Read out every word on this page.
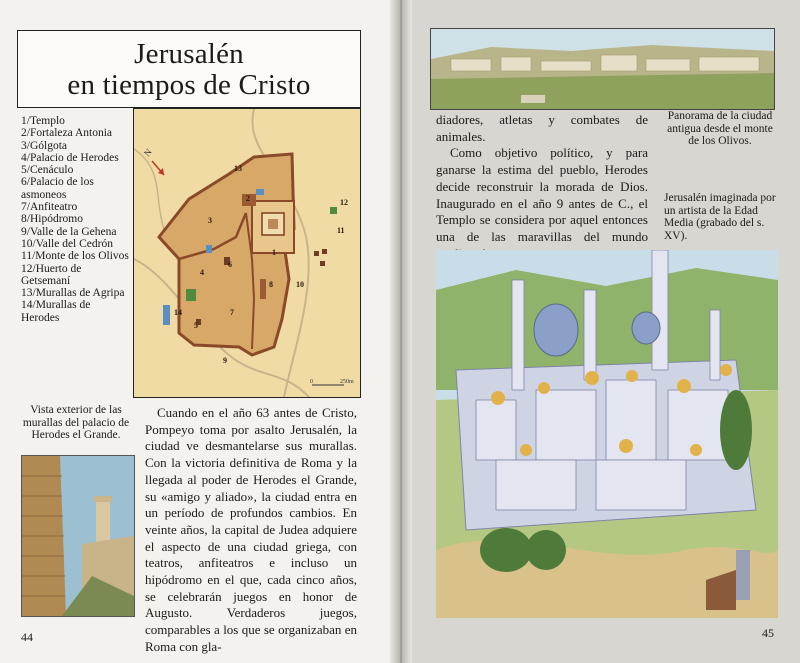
Jerusalén
en tiempos de Cristo
1/Templo
2/Fortaleza Antonia
3/Gólgota
4/Palacio de Herodes
5/Cenáculo
6/Palacio de los asmoneos
7/Anfiteatro
8/Hipódromo
9/Valle de la Gehena
10/Valle del Cedrón
11/Monte de los Olivos
12/Huerto de Getsemaní
13/Murallas de Agripa
14/Murallas de Herodes
N
0	250m
1
2
3
4
5
6
7
8
9
10
11
12
13
14
Vista exterior de las murallas del palacio de Herodes el Grande.
Cuando en el año 63 antes de Cristo, Pompeyo toma por asalto Jerusalén, la ciudad ve desmantelarse sus murallas. Con la victoria definitiva de Roma y la llegada al poder de Herodes el Grande, su «amigo y aliado», la ciudad entra en un período de profundos cambios. En veinte años, la capital de Judea adquiere el aspecto de una ciudad griega, con teatros, anfiteatros e incluso un hipódromo en el que, cada cinco años, se celebrarán juegos en honor de Augusto. Verdaderos juegos, comparables a los que se organizaban en Roma con gla-
44
Panorama de la ciudad antigua desde el monte de los Olivos.

diadores, atletas y combates de animales.

Como objetivo político, y para ganarse la estima del pueblo, Herodes decide reconstruir la morada de Dios. Inaugurado en el año 9 antes de C., el Templo se considera por aquel entonces una de las maravillas del mundo

Jerusalén imaginada por un artista de la Edad Media (grabado del s. XV).
45
